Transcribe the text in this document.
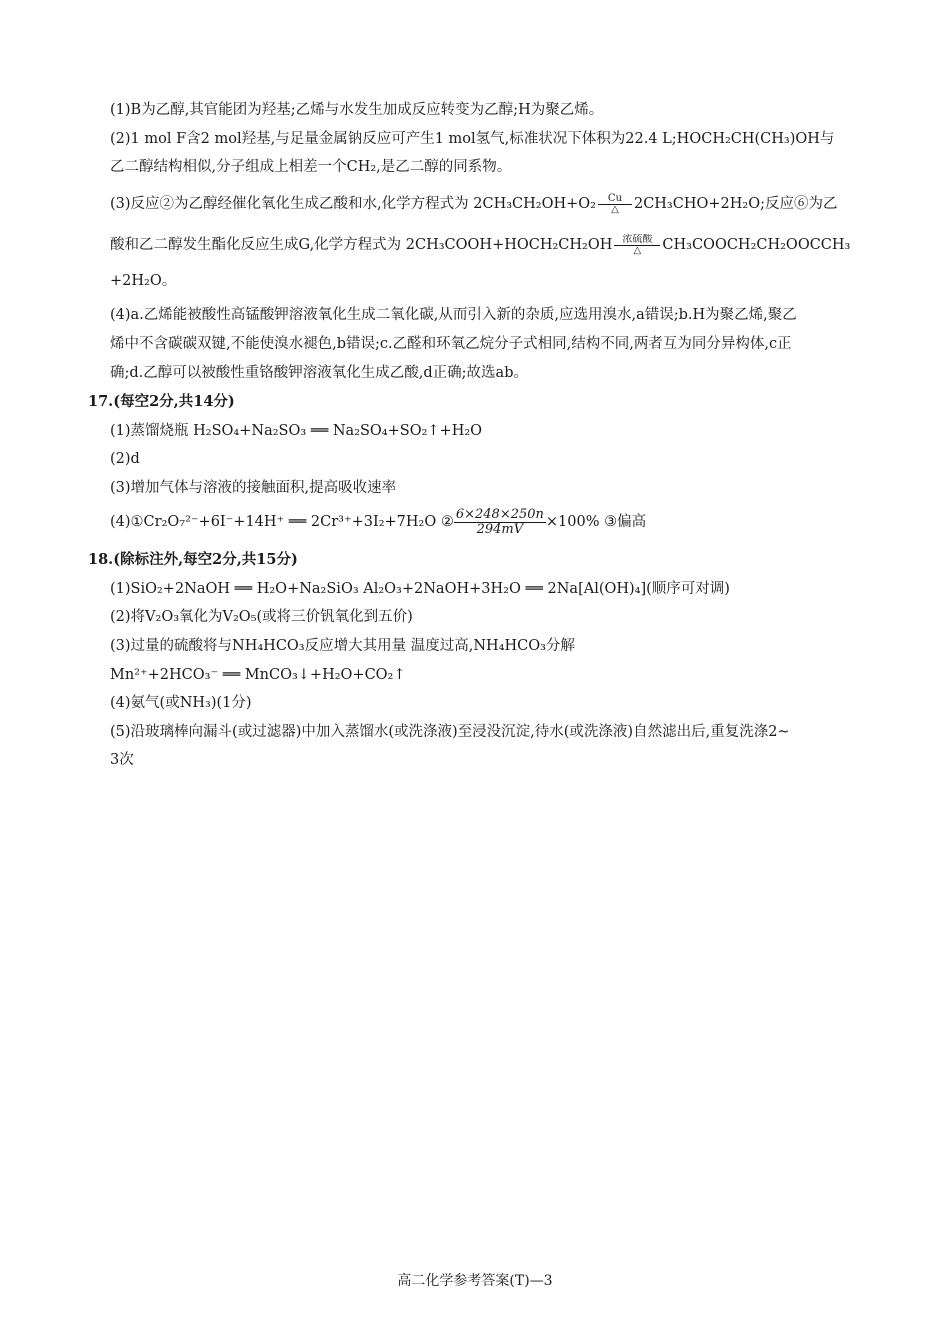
(1)B为乙醇,其官能团为羟基;乙烯与水发生加成反应转变为乙醇;H为聚乙烯。
(2)1 mol F含2 mol羟基,与足量金属钠反应可产生1 mol氢气,标准状况下体积为22.4 L;HOCH₂CH(CH₃)OH与
乙二醇结构相似,分子组成上相差一个CH₂,是乙二醇的同系物。
(3)反应②为乙醇经催化氧化生成乙酸和水,化学方程式为 2CH₃CH₂OH+O₂	Cu
△	2CH₃CHO+2H₂O;反应⑥为乙
酸和乙二醇发生酯化反应生成G,化学方程式为 2CH₃COOH+HOCH₂CH₂OH	浓硫酸
△	CH₃COOCH₂CH₂OOCCH₃
+2H₂O。
(4)a.乙烯能被酸性高锰酸钾溶液氧化生成二氧化碳,从而引入新的杂质,应选用溴水,a错误;b.H为聚乙烯,聚乙
烯中不含碳碳双键,不能使溴水褪色,b错误;c.乙醛和环氧乙烷分子式相同,结构不同,两者互为同分异构体,c正
确;d.乙醇可以被酸性重铬酸钾溶液氧化生成乙酸,d正确;故选ab。
17.(每空2分,共14分)
(1)蒸馏烧瓶 H₂SO₄+Na₂SO₃ ══ Na₂SO₄+SO₂↑+H₂O
(2)d
(3)增加气体与溶液的接触面积,提高吸收速率
(4)①Cr₂O₇²⁻+6I⁻+14H⁺ ══ 2Cr³⁺+3I₂+7H₂O ② $\frac{6\times 248\times 250n}{294mV} \times 100\%$ ③偏高
18.(除标注外,每空2分,共15分)
(1)SiO₂+2NaOH ══ H₂O+Na₂SiO₃ Al₂O₃+2NaOH+3H₂O ══ 2Na[Al(OH)₄](顺序可对调)
(2)将V₂O₃氧化为V₂O₅(或将三价钒氧化到五价)
(3)过量的硫酸将与NH₄HCO₃反应增大其用量 温度过高,NH₄HCO₃分解
Mn²⁺+2HCO₃⁻ ══ MnCO₃↓+H₂O+CO₂↑
(4)氨气(或NH₃)(1分)
(5)沿玻璃棒向漏斗(或过滤器)中加入蒸馏水(或洗涤液)至浸没沉淀,待水(或洗涤液)自然滤出后,重复洗涤2~
3次
高二化学参考答案(T)—3
